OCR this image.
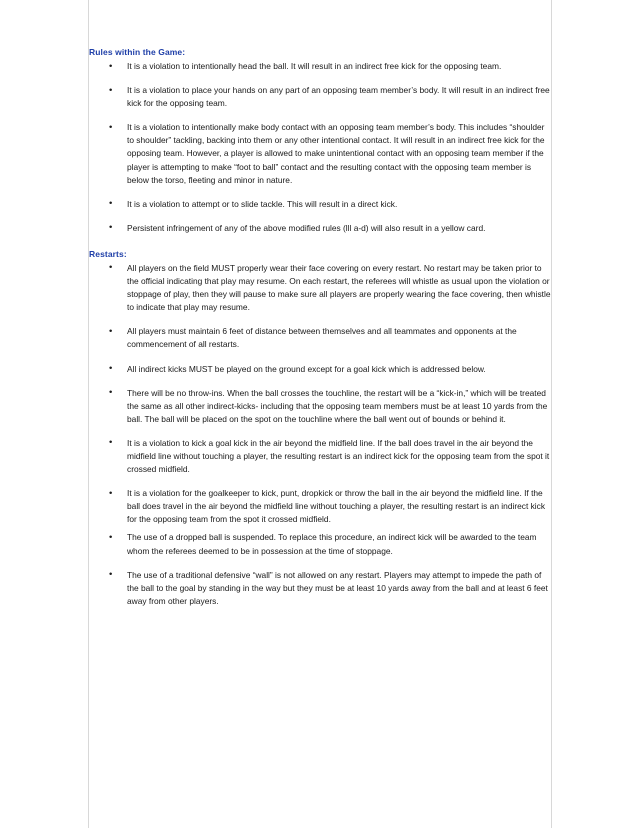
Rules within the Game:
• It is a violation to intentionally head the ball. It will result in an indirect free kick for the opposing team.
• It is a violation to place your hands on any part of an opposing team member’s body. It will result in an indirect free kick for the opposing team.
• It is a violation to intentionally make body contact with an opposing team member’s body. This includes “shoulder to shoulder” tackling, backing into them or any other intentional contact. It will result in an indirect free kick for the opposing team. However, a player is allowed to make unintentional contact with an opposing team member if the player is attempting to make “foot to ball” contact and the resulting contact with the opposing team member is below the torso, fleeting and minor in nature.
• It is a violation to attempt or to slide tackle. This will result in a direct kick.
• Persistent infringement of any of the above modified rules (lll a-d) will also result in a yellow card.
Restarts:
• All players on the field MUST properly wear their face covering on every restart. No restart may be taken prior to the official indicating that play may resume. On each restart, the referees will whistle as usual upon the violation or stoppage of play, then they will pause to make sure all players are properly wearing the face covering, then whistle to indicate that play may resume.
• All players must maintain 6 feet of distance between themselves and all teammates and opponents at the commencement of all restarts.
• All indirect kicks MUST be played on the ground except for a goal kick which is addressed below.
• There will be no throw-ins. When the ball crosses the touchline, the restart will be a “kick-in,” which will be treated the same as all other indirect-kicks- including that the opposing team members must be at least 10 yards from the ball. The ball will be placed on the spot on the touchline where the ball went out of bounds or behind it.
• It is a violation to kick a goal kick in the air beyond the midfield line. If the ball does travel in the air beyond the midfield line without touching a player, the resulting restart is an indirect kick for the opposing team from the spot it crossed midfield.
• It is a violation for the goalkeeper to kick, punt, dropkick or throw the ball in the air beyond the midfield line. If the ball does travel in the air beyond the midfield line without touching a player, the resulting restart is an indirect kick for the opposing team from the spot it crossed midfield.
• The use of a dropped ball is suspended. To replace this procedure, an indirect kick will be awarded to the team whom the referees deemed to be in possession at the time of stoppage.
• The use of a traditional defensive “wall” is not allowed on any restart. Players may attempt to impede the path of the ball to the goal by standing in the way but they must be at least 10 yards away from the ball and at least 6 feet away from other players.
